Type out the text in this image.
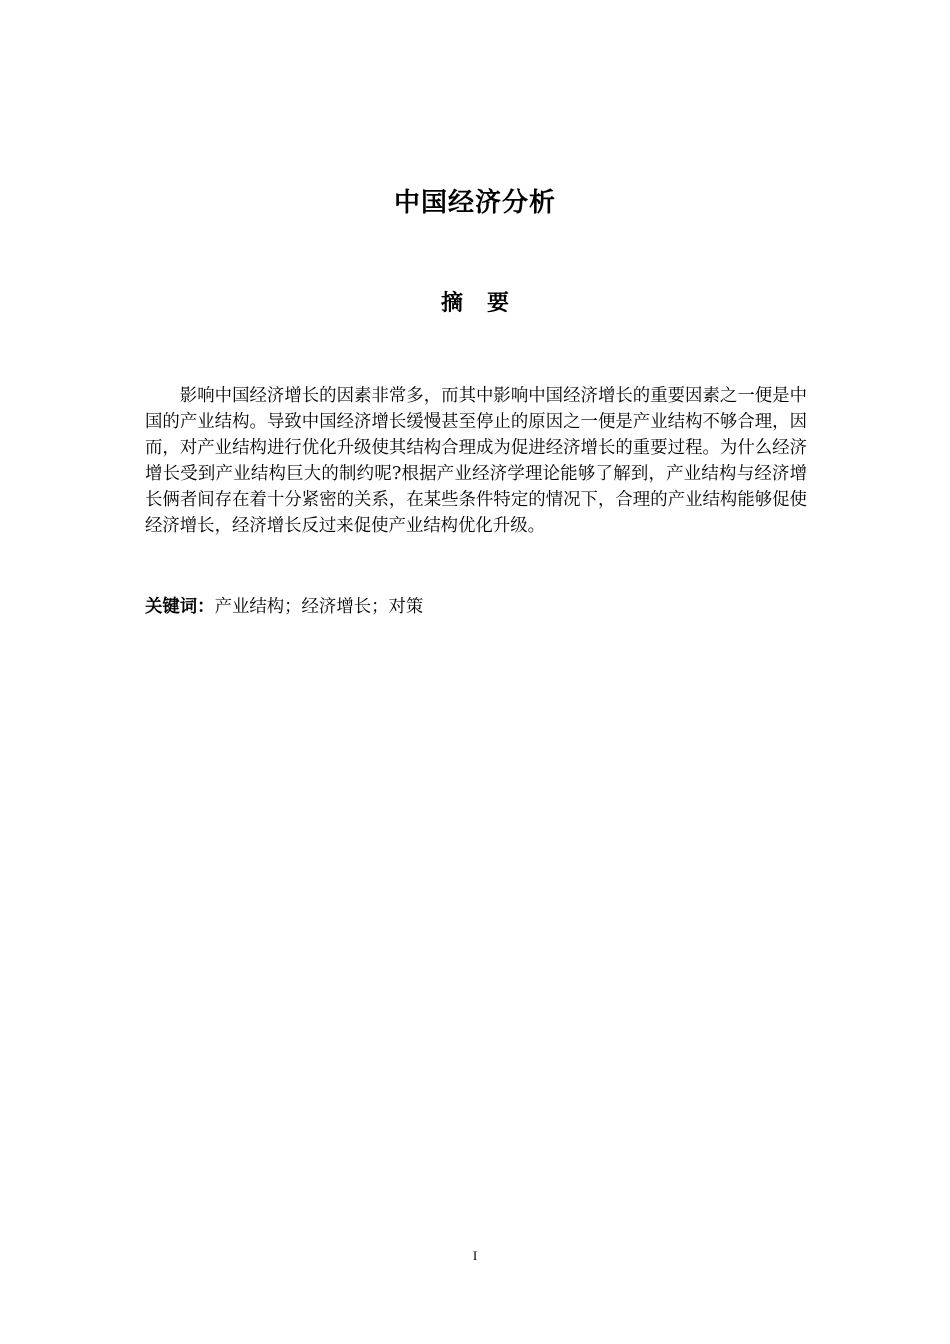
中国经济分析
摘要

影响中国经济增长的因素非常多，而其中影响中国经济增长的重要因素之一便是中国的产业结构。导致中国经济增长缓慢甚至停止的原因之一便是产业结构不够合理，因而，对产业结构进行优化升级使其结构合理成为促进经济增长的重要过程。为什么经济增长受到产业结构巨大的制约呢?根据产业经济学理论能够了解到，产业结构与经济增长俩者间存在着十分紧密的关系，在某些条件特定的情况下，合理的产业结构能够促使经济增长，经济增长反过来促使产业结构优化升级。

关键词：产业结构；经济增长；对策
I
